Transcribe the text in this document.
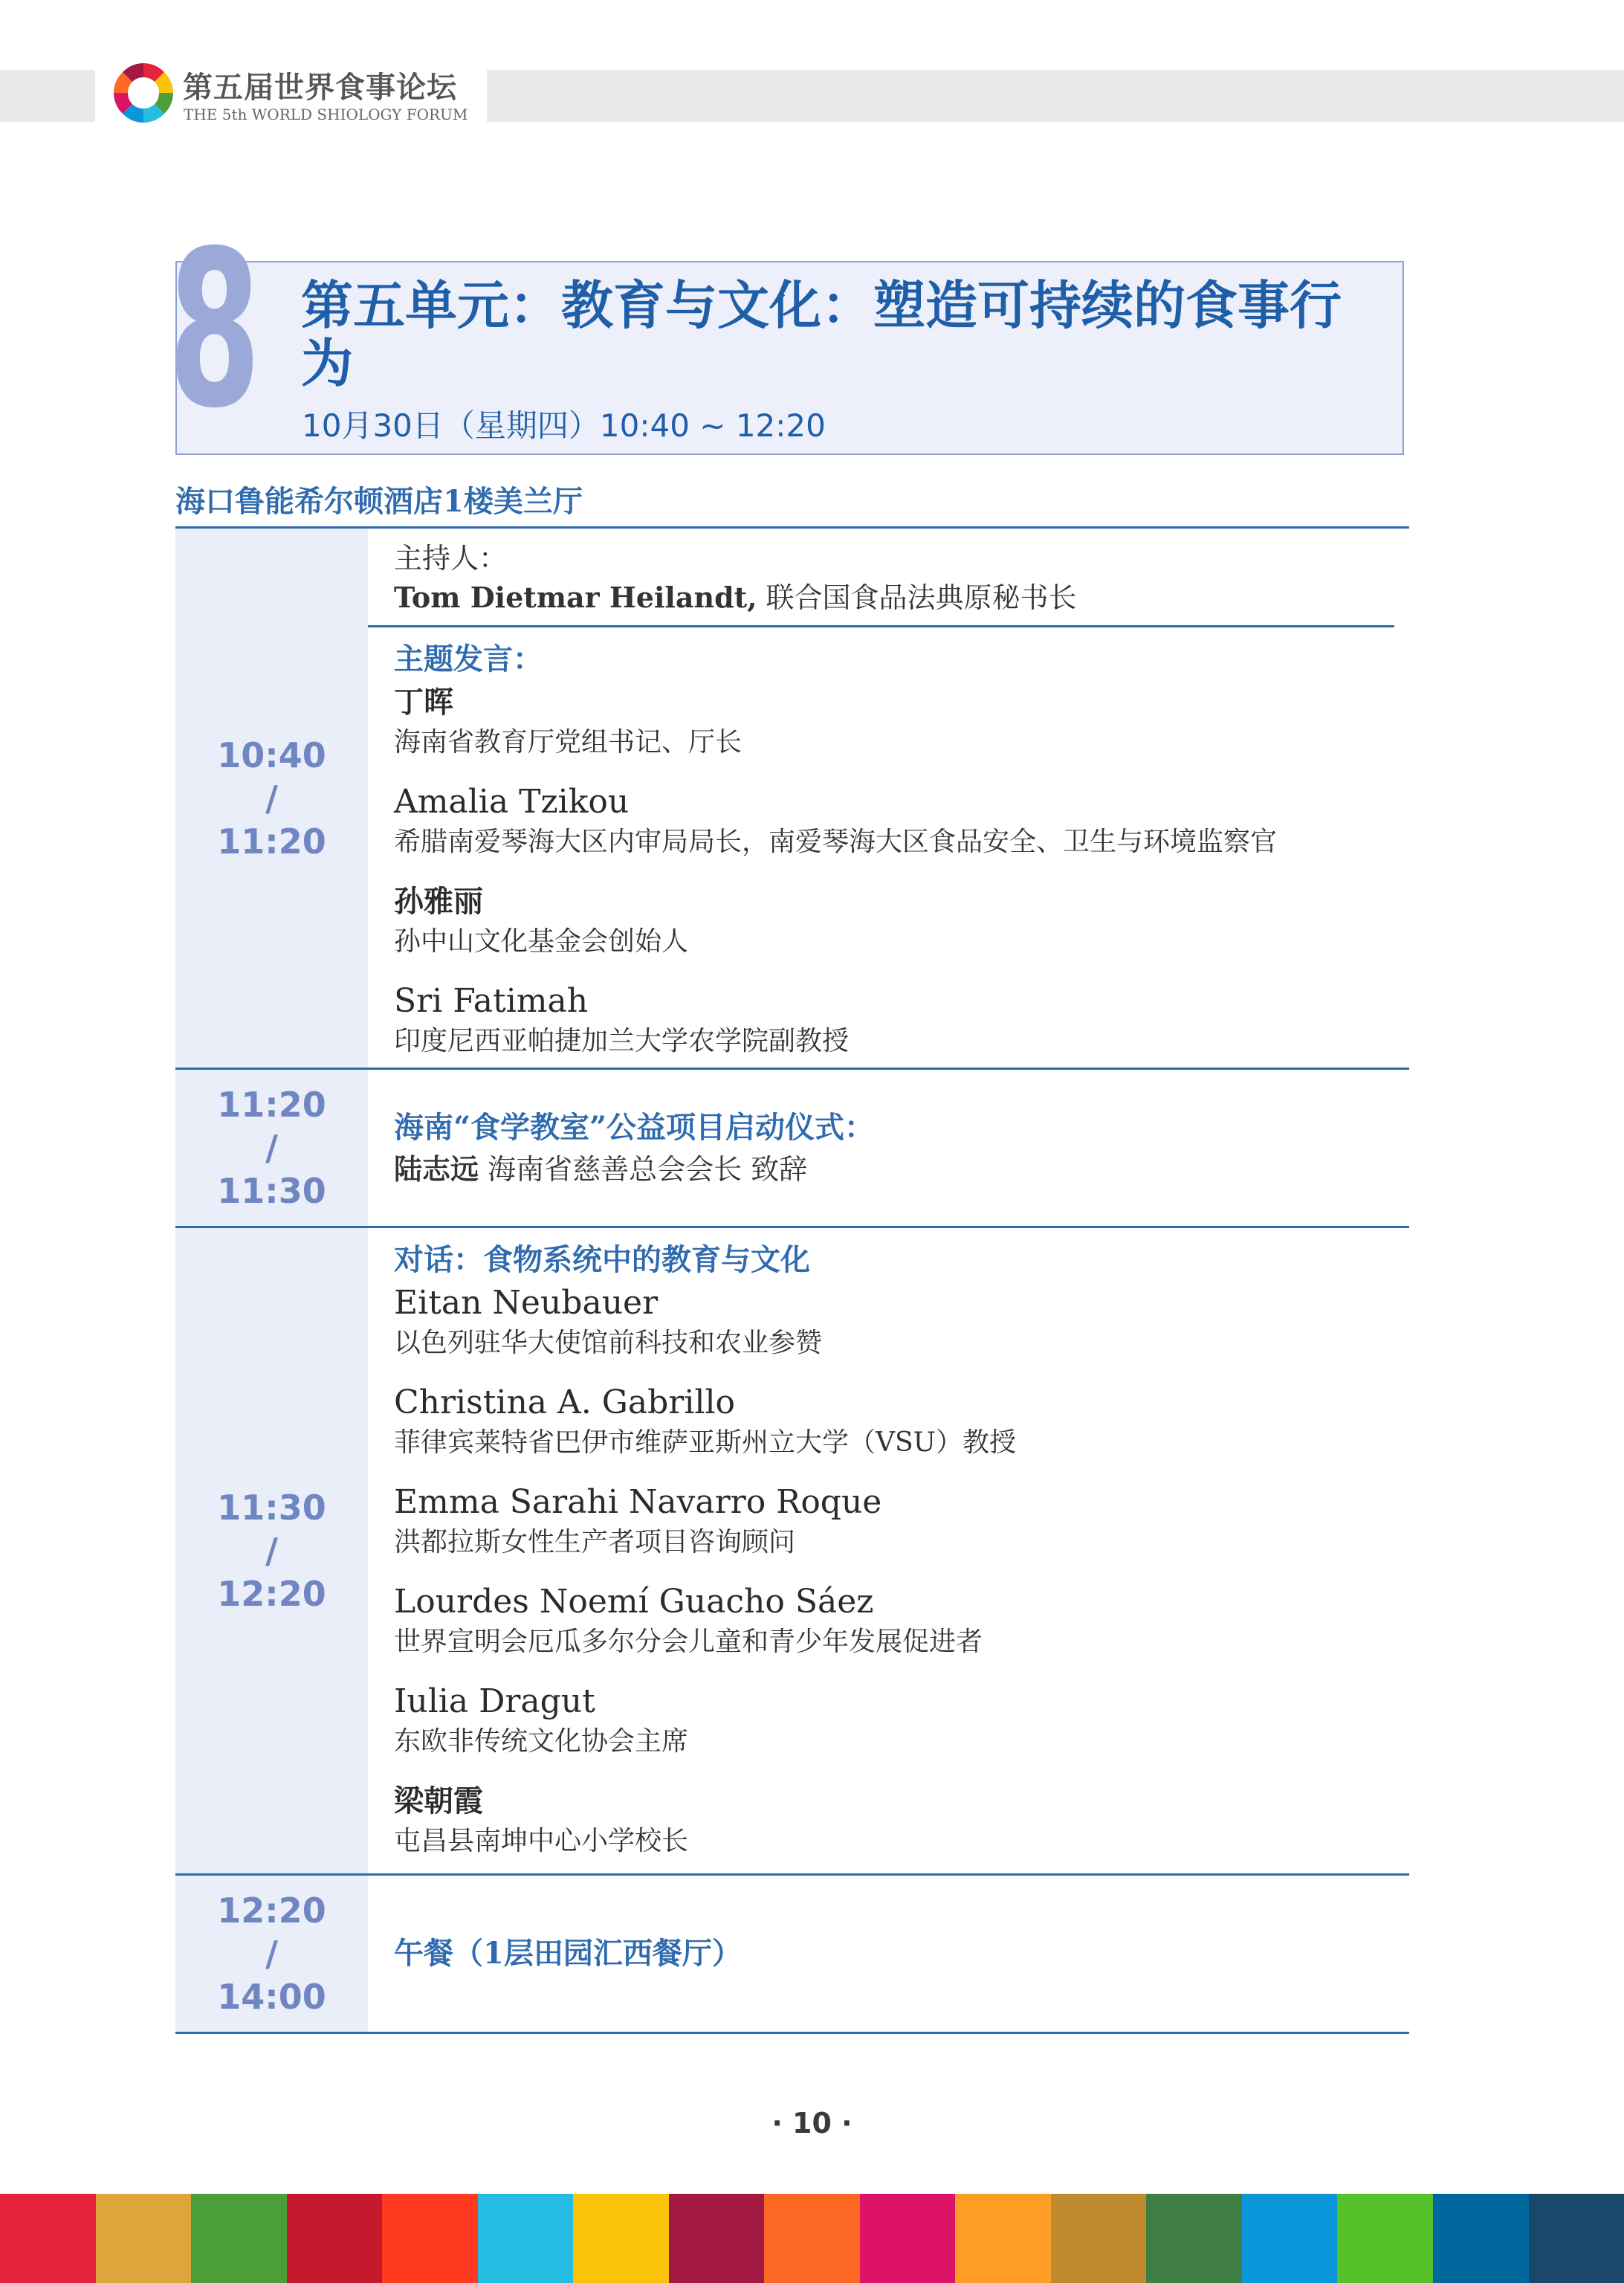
第五届世界食事论坛
THE 5th WORLD SHIOLOGY FORUM
8 第五单元：教育与文化：塑造可持续的食事行为
10月30日（星期四）10:40 ~ 12:20
海口鲁能希尔顿酒店1楼美兰厅
10:40
/
11:20
主持人：
Tom Dietmar Heilandt, 联合国食品法典原秘书长
主题发言：
丁晖
海南省教育厅党组书记、厅长
Amalia Tzikou
希腊南爱琴海大区内审局局长，南爱琴海大区食品安全、卫生与环境监察官
孙雅丽
孙中山文化基金会创始人
Sri Fatimah
印度尼西亚帕捷加兰大学农学院副教授
11:20
/
11:30
海南“食学教室”公益项目启动仪式：
陆志远 海南省慈善总会会长 致辞
11:30
/
12:20
对话：食物系统中的教育与文化
Eitan Neubauer
以色列驻华大使馆前科技和农业参赞
Christina A. Gabrillo
菲律宾莱特省巴伊市维萨亚斯州立大学（VSU）教授
Emma Sarahi Navarro Roque
洪都拉斯女性生产者项目咨询顾问
Lourdes Noemí Guacho Sáez
世界宣明会厄瓜多尔分会儿童和青少年发展促进者
Iulia Dragut
东欧非传统文化协会主席
梁朝霞
屯昌县南坤中心小学校长
12:20
/
14:00
午餐（1层田园汇西餐厅）
· 10 ·
